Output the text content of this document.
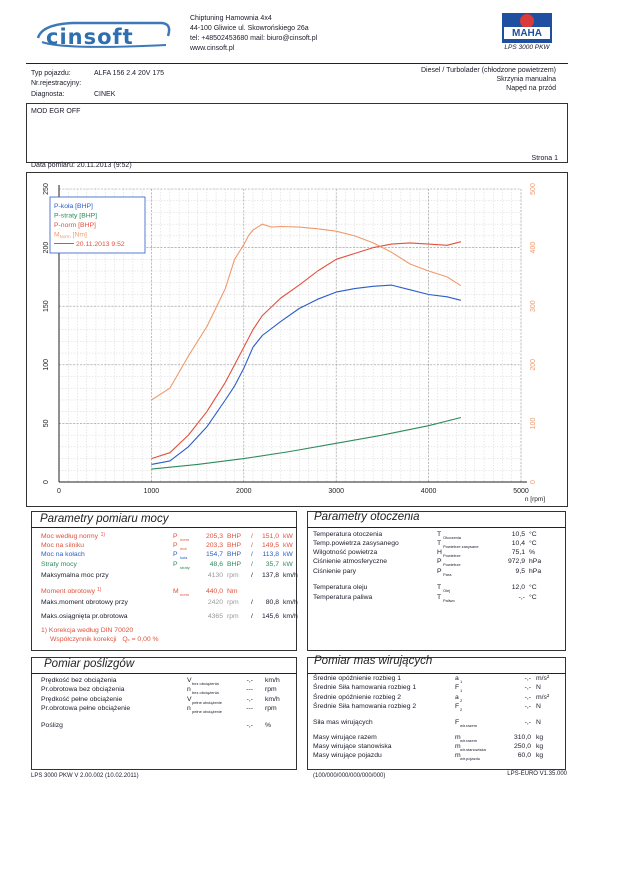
cinsoft
Chiptuning Hamownia 4x4
44-100 Gliwice ul. Skowrońskiego 26a
tel: +48502453680 mail: biuro@cinsoft.pl
www.cinsoft.pl
MAHA
LPS 3000 PKW
Typ pojazdu:	ALFA 156 2.4 20V 175
Nr.rejestracyjny:
Diagnosta:	CINEK
Diesel / Turbolader (chłodzone powietrzem)
Skrzynia manualna
Napęd na przód
MOD EGR OFF
Data pomiaru: 20.11.2013 (9:52)
Strona 1
0	1000	2000	3000	4000	5000
n [rpm]
0
50
100
150
200
250
0
100
200
300
400
500
P-koła [BHP]
P-straty [BHP]
P-norm [BHP]
$M_{Norm}$ [Nm]
20.11.2013 9:52
Parametry pomiaru mocy
1) Korekcja według DIN 70020
Współczynnik korekcji Qc = 0,00 %
Parametry otoczenia
Pomiar poślizgów	Pomiar mas wirujących
LPS 3000 PKW V 2.00.002 (10.02.2011)	(100/000/000/000/000/000)	LPS-EURO V1.35.000
Moc według normy 1)	P norm	205,3 BHP /	151,0 kW
Moc na silniku	P mot	203,3 BHP /	149,5 kW
Moc na kołach	P koła	154,7 BHP /	113,8 kW
Straty mocy	P straty	48,6 BHP /	35,7 kW
Maksymalna moc przy	4130 rpm /	137,8 km/h
Moment obrotowy 1)	M norm	440,0 Nm
Maks.moment obrotowy przy	2420 rpm /	80,8 km/h
Maks.osiągnięta pr.obrotowa	4365 rpm /	145,6 km/h
Temperatura otoczenia	T Otoczenia	10,5 °C
Temp.powietrza zasysanego	T Powietrze zasysane	10,4 °C
Wilgotność powietrza	H Powietrze	75,1 %
Ciśnienie atmosferyczne	P Powietrze	972,9 hPa
Ciśnienie pary	P Para	9,5 hPa
Temperatura oleju	T Olej	12,0 °C
Temperatura paliwa	T Paliwo	-,- °C
Prędkość bez obciążenia	V bez obciążenia	-,- km/h
Pr.obrotowa bez obciążenia	n bez obciążenia	--- rpm
Prędkość pełne obciążenie	V pełne obciążenie	-,- km/h
Pr.obrotowa pełne obciążenie	n pełne obciążenie	--- rpm
Poślizg	-,- %
Średnie opóźnienie rozbieg 1	a 1	-,- m/s²
Średnie Siła hamowania rozbieg 1	F 1	-,- N
Średnie opóźnienie rozbieg 2	a 2	-,- m/s²
Średnie Siła hamowania rozbieg 2	F 2	-,- N
Siła mas wirujących	F wir.razem	-,- N
Masy wirujące razem	m wir.razem	310,0 kg
Masy wirujące stanowiska	m wir.stanowiska	250,0 kg
Masy wirujące pojazdu	m wir.pojazdu	60,0 kg
